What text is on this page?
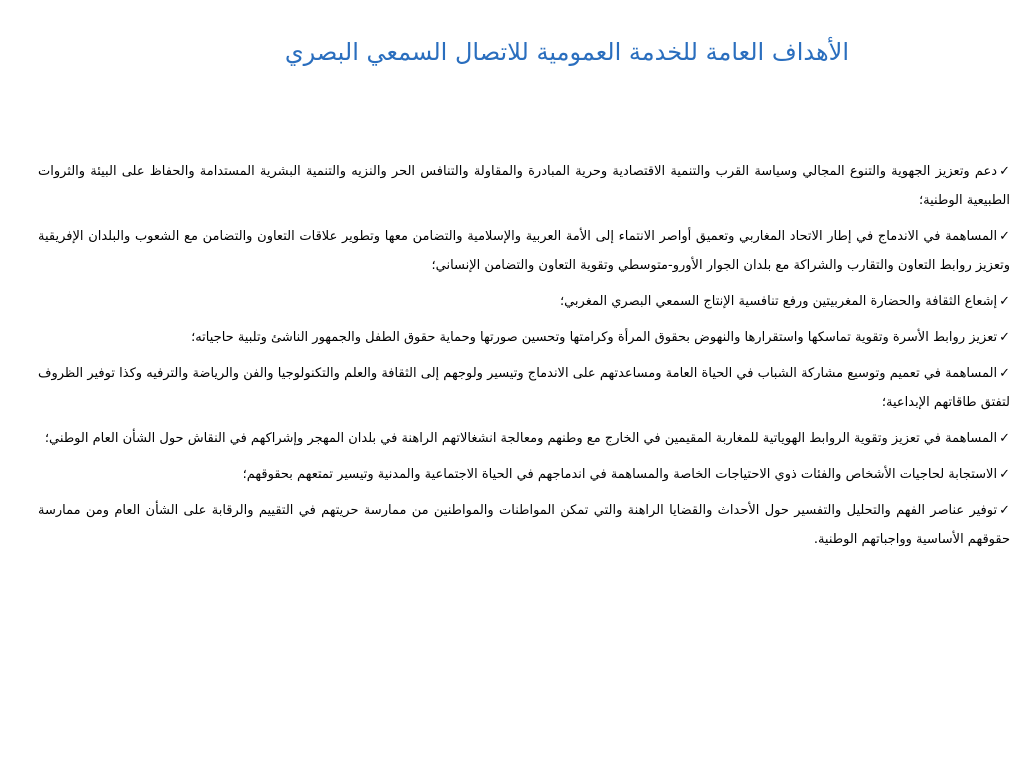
الأهداف العامة للخدمة العمومية للاتصال السمعي البصري
✓دعم وتعزيز الجهوية والتنوع المجالي وسياسة القرب والتنمية الاقتصادية وحرية المبادرة والمقاولة والتنافس الحر والنزيه والتنمية البشرية المستدامة والحفاظ على البيئة والثروات الطبيعية الوطنية؛
✓المساهمة في الاندماج في إطار الاتحاد المغاربي وتعميق أواصر الانتماء إلى الأمة العربية والإسلامية والتضامن معها وتطوير علاقات التعاون والتضامن مع الشعوب والبلدان الإفريقية وتعزيز روابط التعاون والتقارب والشراكة مع بلدان الجوار الأورو-متوسطي وتقوية التعاون والتضامن الإنساني؛
✓إشعاع الثقافة والحضارة المغربيتين ورفع تنافسية الإنتاج السمعي البصري المغربي؛
✓تعزيز روابط الأسرة وتقوية تماسكها واستقرارها والنهوض بحقوق المرأة وكرامتها وتحسين صورتها وحماية حقوق الطفل والجمهور الناشئ وتلبية حاجياته؛
✓المساهمة في تعميم وتوسيع مشاركة الشباب في الحياة العامة ومساعدتهم على الاندماج وتيسير ولوجهم إلى الثقافة والعلم والتكنولوجيا والفن والرياضة والترفيه وكذا توفير الظروف لتفتق طاقاتهم الإبداعية؛
✓المساهمة في تعزيز وتقوية الروابط الهوياتية للمغاربة المقيمين في الخارج مع وطنهم ومعالجة انشغالاتهم الراهنة في بلدان المهجر وإشراكهم في النقاش حول الشأن العام الوطني؛
✓الاستجابة لحاجيات الأشخاص والفئات ذوي الاحتياجات الخاصة والمساهمة في اندماجهم في الحياة الاجتماعية والمدنية وتيسير تمتعهم بحقوقهم؛
✓توفير عناصر الفهم والتحليل والتفسير حول الأحداث والقضايا الراهنة والتي تمكن المواطنات والمواطنين من ممارسة حريتهم في التقييم والرقابة على الشأن العام ومن ممارسة حقوقهم الأساسية وواجباتهم الوطنية.
